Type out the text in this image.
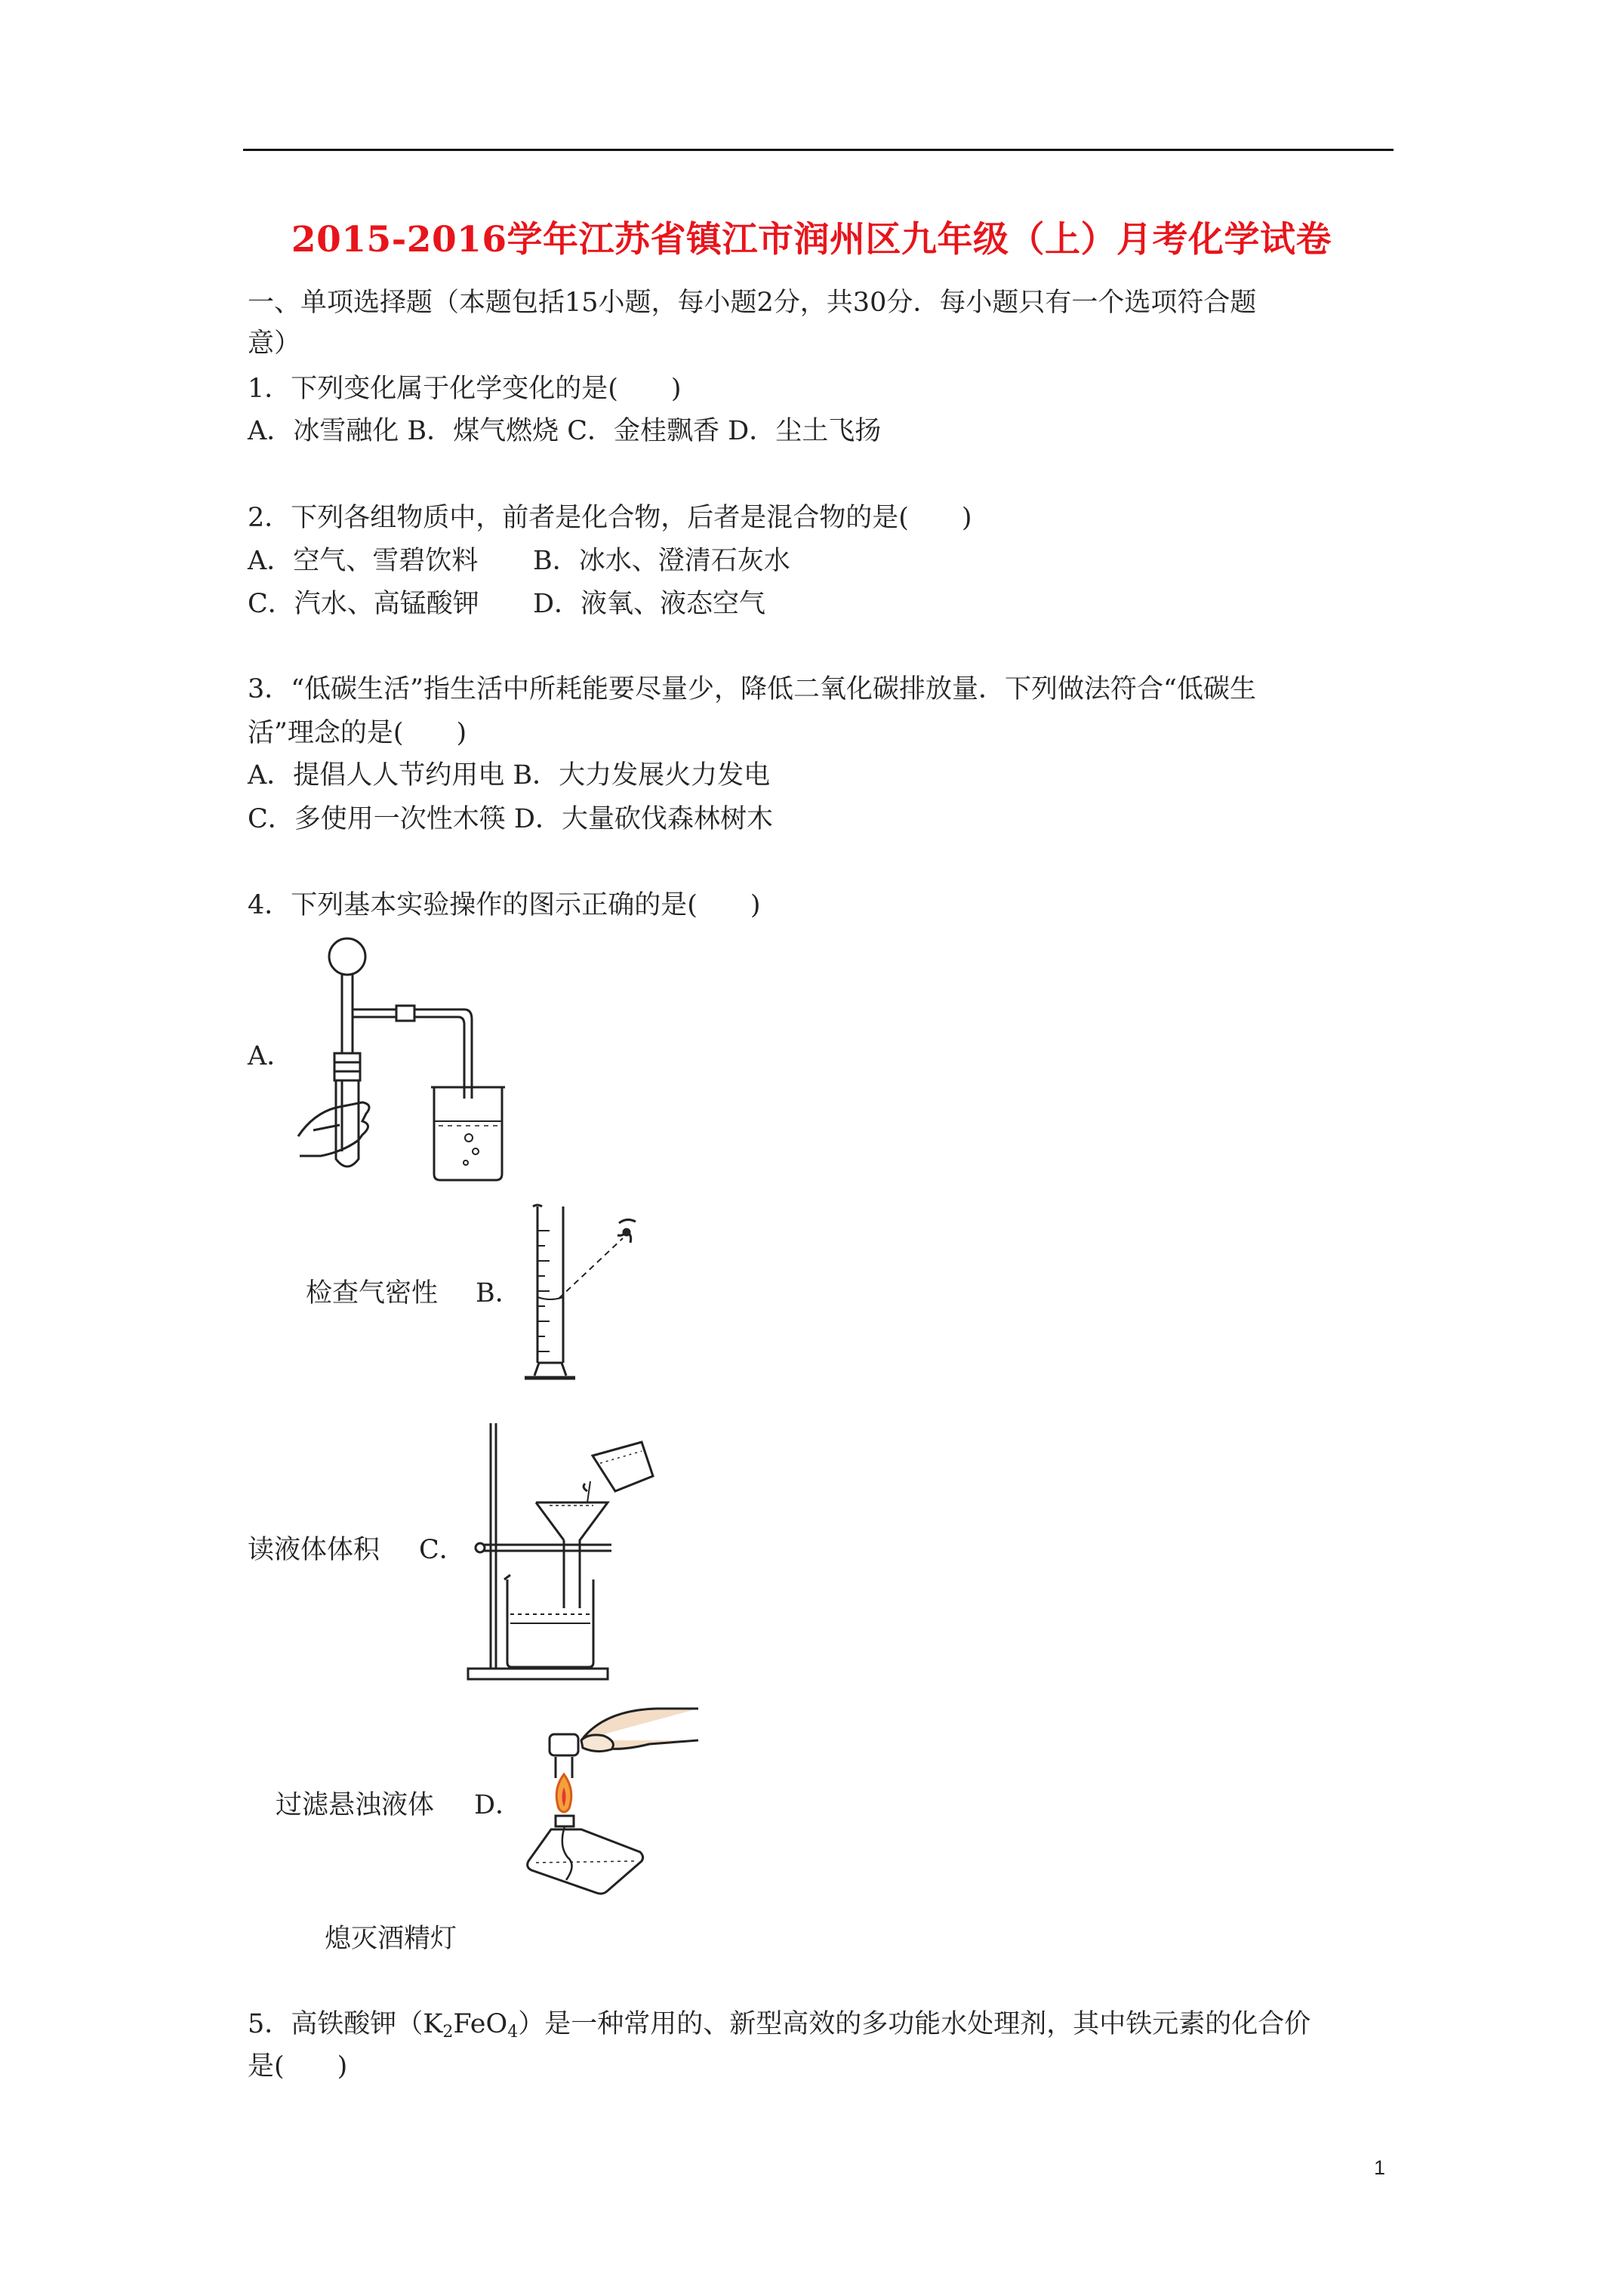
2015-2016学年江苏省镇江市润州区九年级（上）月考化学试卷
一、单项选择题（本题包括15小题，每小题2分，共30分．每小题只有一个选项符合题
意）
1．下列变化属于化学变化的是(　　)
A．冰雪融化 B．煤气燃烧 C．金桂飘香 D．尘土飞扬
2．下列各组物质中，前者是化合物，后者是混合物的是(　　)
A．空气、雪碧饮料 B．冰水、澄清石灰水
C．汽水、高锰酸钾 D．液氧、液态空气
3．“低碳生活”指生活中所耗能要尽量少，降低二氧化碳排放量．下列做法符合“低碳生
活”理念的是(　　)
A．提倡人人节约用电 B．大力发展火力发电
C．多使用一次性木筷 D．大量砍伐森林树木
4．下列基本实验操作的图示正确的是(　　)
A．
检查气密性 B．
读液体体积 C．
过滤悬浊液体 D．
熄灭酒精灯
5．高铁酸钾$(K_2FeO_4)$是一种常用的、新型高效的多功能水处理剂，其中铁元素的化合价
是(　　)
1
